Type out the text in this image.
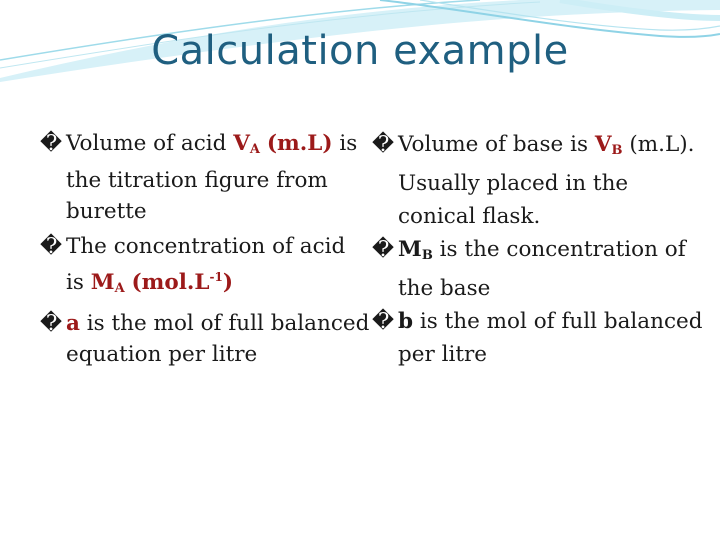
Calculation example
� Volume of acid $V_A$ (m.L) is the titration figure from burette
� The concentration of acid is $M_A$ $(mol.L^{-1})$
� a is the mol of full balanced equation per litre
� Volume of base is $V_B$ (m.L). Usually placed in the conical flask.
� $M_B$ is the concentration of the base
� b is the mol of full balanced per litre
